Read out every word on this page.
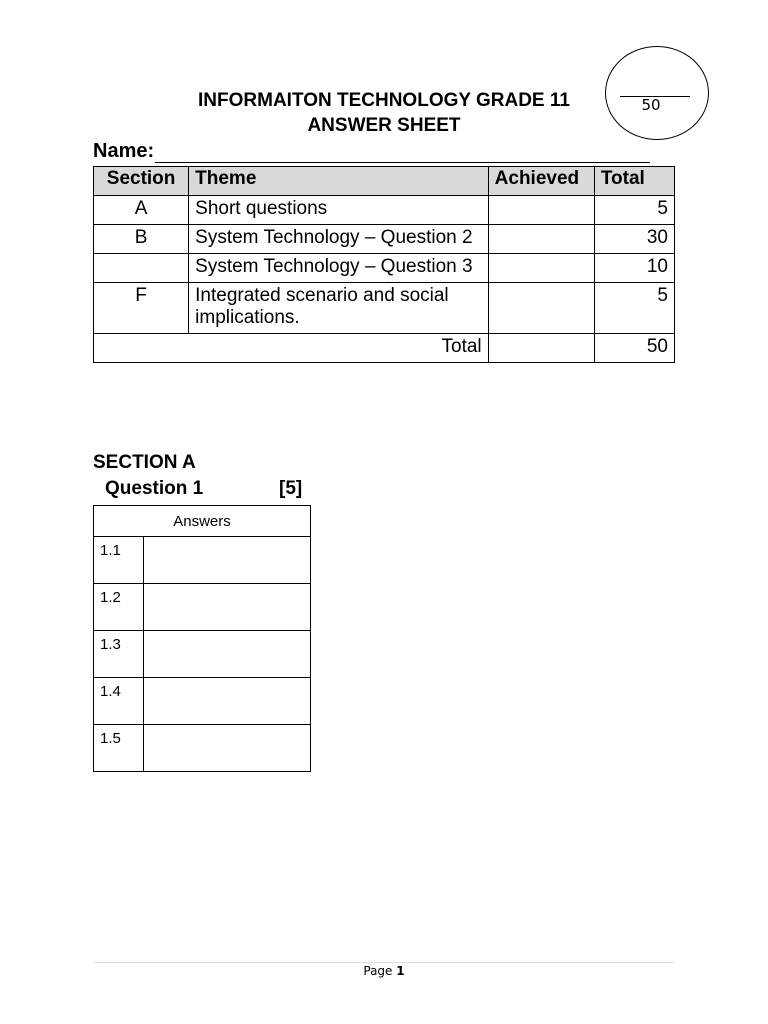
50
INFORMAITON TECHNOLOGY GRADE 11
ANSWER SHEET
Name:
Section	Theme	Achieved	Total
A	Short questions		5
B	System Technology – Question 2		30
	System Technology – Question 3		10
F	Integrated scenario and social implications.		5
Total			50
SECTION A
Question 1	[5]
Answers	
1.1	
1.2	
1.3	
1.4	
1.5	
Page 1
